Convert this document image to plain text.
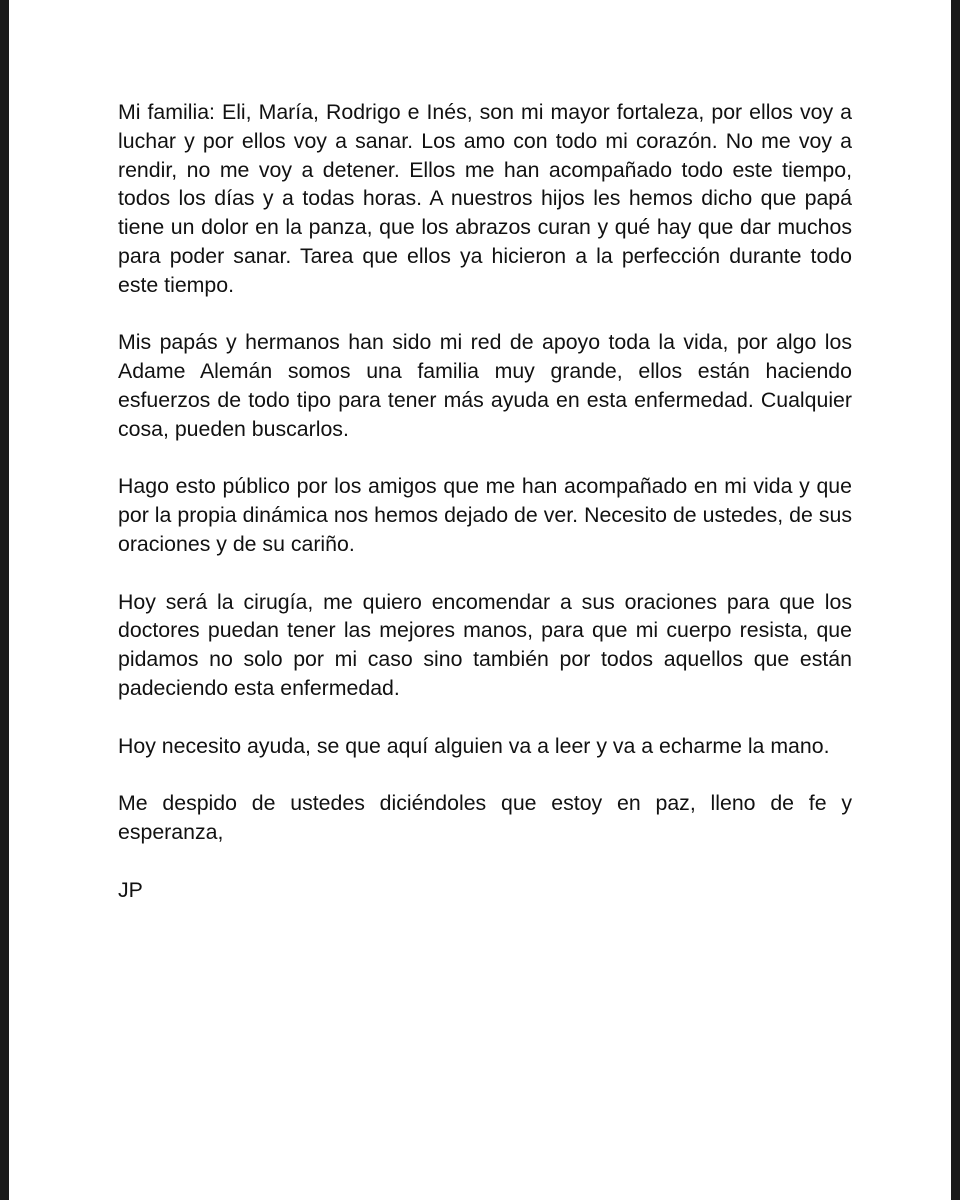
Mi familia: Eli, María, Rodrigo e Inés, son mi mayor fortaleza, por ellos voy a luchar y por ellos voy a sanar. Los amo con todo mi corazón. No me voy a rendir, no me voy a detener. Ellos me han acompañado todo este tiempo, todos los días y a todas horas. A nuestros hijos les hemos dicho que papá tiene un dolor en la panza, que los abrazos curan y qué hay que dar muchos para poder sanar. Tarea que ellos ya hicieron a la perfección durante todo este tiempo.

Mis papás y hermanos han sido mi red de apoyo toda la vida, por algo los Adame Alemán somos una familia muy grande, ellos están haciendo esfuerzos de todo tipo para tener más ayuda en esta enfermedad. Cualquier cosa, pueden buscarlos.

Hago esto público por los amigos que me han acompañado en mi vida y que por la propia dinámica nos hemos dejado de ver. Necesito de ustedes, de sus oraciones y de su cariño.

Hoy será la cirugía, me quiero encomendar a sus oraciones para que los doctores puedan tener las mejores manos, para que mi cuerpo resista, que pidamos no solo por mi caso sino también por todos aquellos que están padeciendo esta enfermedad.

Hoy necesito ayuda, se que aquí alguien va a leer y va a echarme la mano.

Me despido de ustedes diciéndoles que estoy en paz, lleno de fe y esperanza,

JP
